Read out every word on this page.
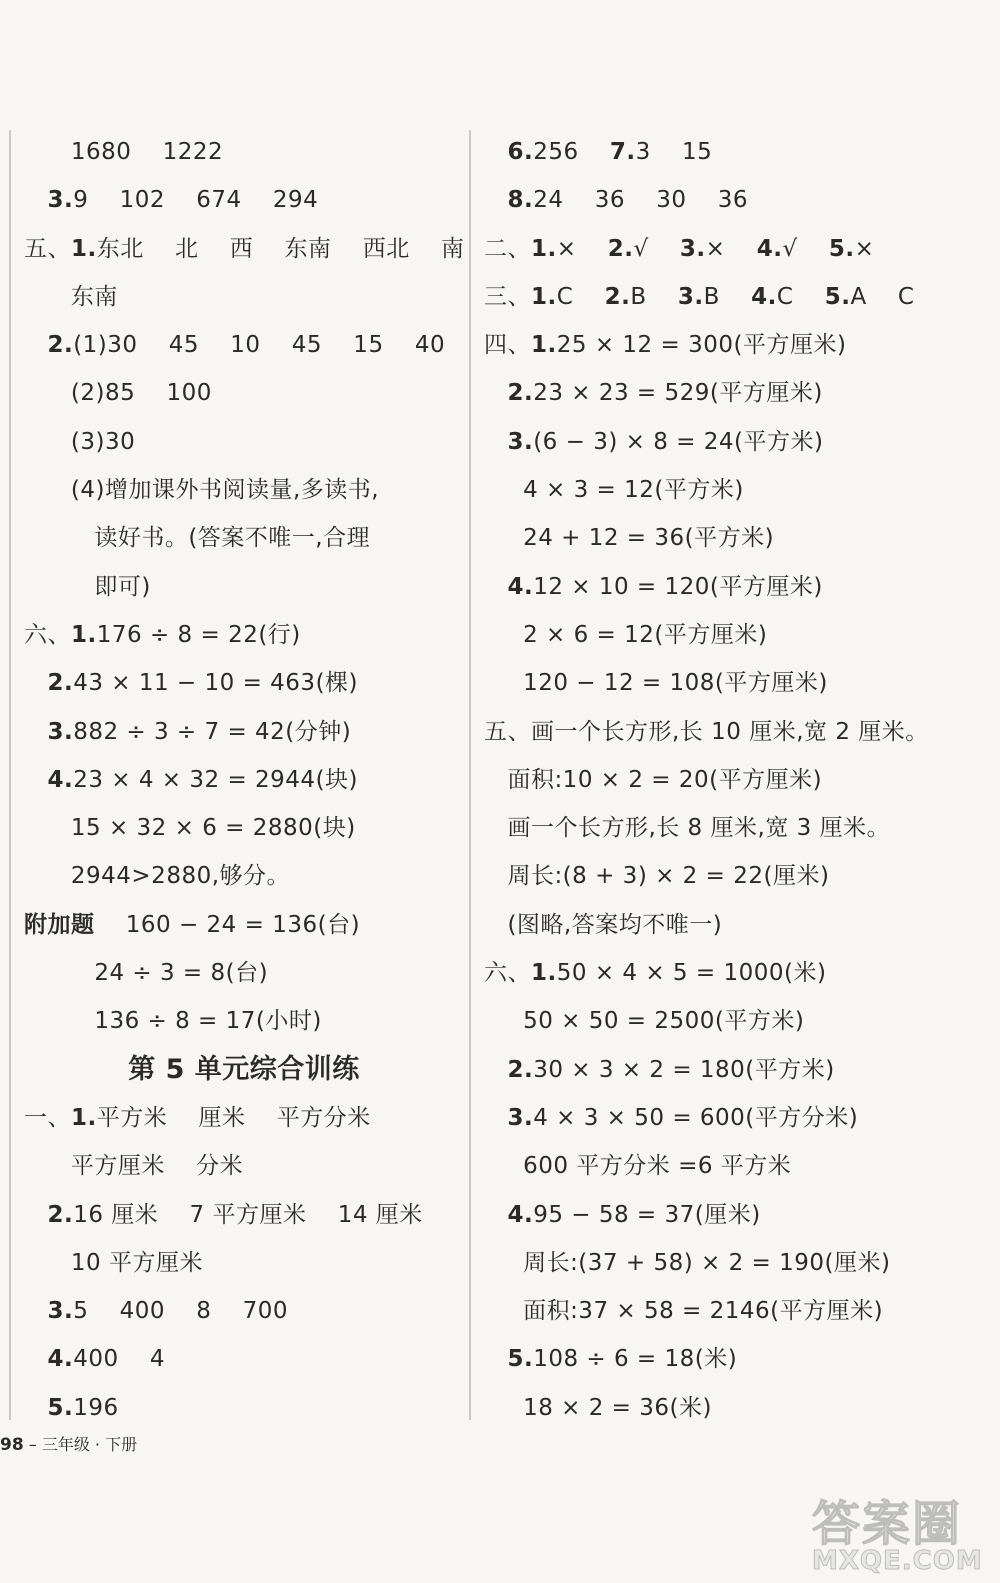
1680    1222
3.9    102    674    294
五、1.东北    北    西    东南    西北    南
东南
2.(1)30    45    10    45    15    40
(2)85    100
(3)30
(4)增加课外书阅读量,多读书,
读好书。(答案不唯一,合理
即可)
六、1.176 ÷ 8 = 22(行)
2.43 × 11 − 10 = 463(棵)
3.882 ÷ 3 ÷ 7 = 42(分钟)
4.23 × 4 × 32 = 2944(块)
15 × 32 × 6 = 2880(块)
2944>2880,够分。
附加题    160 − 24 = 136(台)
24 ÷ 3 = 8(台)
136 ÷ 8 = 17(小时)
第 5 单元综合训练
一、1.平方米    厘米    平方分米
平方厘米    分米
2.16 厘米    7 平方厘米    14 厘米
10 平方厘米
3.5    400    8    700
4.400    4
5.196
6.256    7.3    15
8.24    36    30    36
二、1.×    2.√    3.×    4.√    5.×
三、1.C    2.B    3.B    4.C    5.A    C
四、1.25 × 12 = 300(平方厘米)
2.23 × 23 = 529(平方厘米)
3.(6 − 3) × 8 = 24(平方米)
4 × 3 = 12(平方米)
24 + 12 = 36(平方米)
4.12 × 10 = 120(平方厘米)
2 × 6 = 12(平方厘米)
120 − 12 = 108(平方厘米)
五、画一个长方形,长 10 厘米,宽 2 厘米。
面积:10 × 2 = 20(平方厘米)
画一个长方形,长 8 厘米,宽 3 厘米。
周长:(8 + 3) × 2 = 22(厘米)
(图略,答案均不唯一)
六、1.50 × 4 × 5 = 1000(米)
50 × 50 = 2500(平方米)
2.30 × 3 × 2 = 180(平方米)
3.4 × 3 × 50 = 600(平方分米)
600 平方分米 =6 平方米
4.95 − 58 = 37(厘米)
周长:(37 + 58) × 2 = 190(厘米)
面积:37 × 58 = 2146(平方厘米)
5.108 ÷ 6 = 18(米)
18 × 2 = 36(米)
98 – 三年级 · 下册
答案圈
MXQE.COM
